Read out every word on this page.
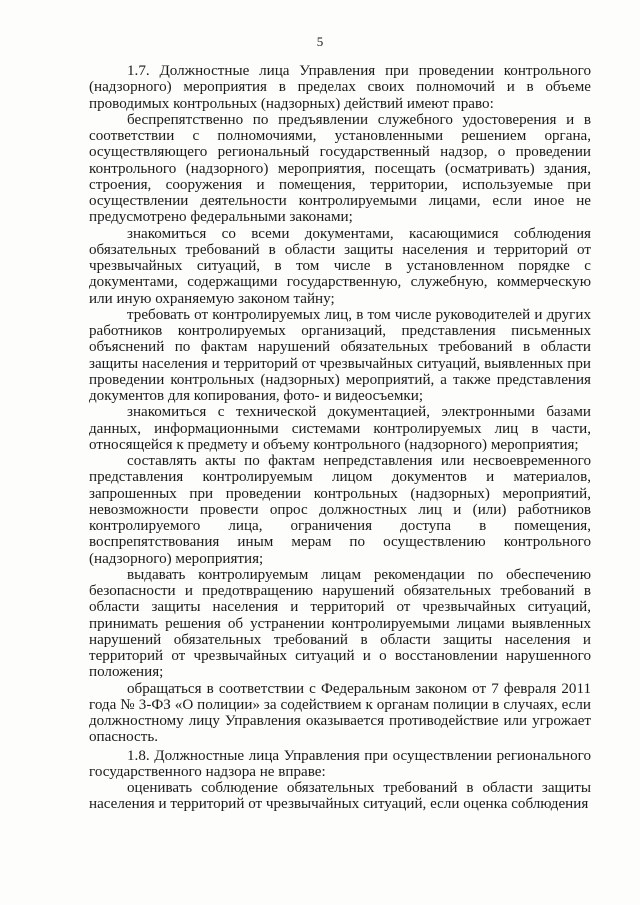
5

1.7. Должностные лица Управления при проведении контрольного (надзорного) мероприятия в пределах своих полномочий и в объеме проводимых контрольных (надзорных) действий имеют право:

беспрепятственно по предъявлении служебного удостоверения и в соответствии с полномочиями, установленными решением органа, осуществляющего региональный государственный надзор, о проведении контрольного (надзорного) мероприятия, посещать (осматривать) здания, строения, сооружения и помещения, территории, используемые при осуществлении деятельности контролируемыми лицами, если иное не предусмотрено федеральными законами;

знакомиться со всеми документами, касающимися соблюдения обязательных требований в области защиты населения и территорий от чрезвычайных ситуаций, в том числе в установленном порядке с документами, содержащими государственную, служебную, коммерческую или иную охраняемую законом тайну;

требовать от контролируемых лиц, в том числе руководителей и других работников контролируемых организаций, представления письменных объяснений по фактам нарушений обязательных требований в области защиты населения и территорий от чрезвычайных ситуаций, выявленных при проведении контрольных (надзорных) мероприятий, а также представления документов для копирования, фото- и видеосъемки;

знакомиться с технической документацией, электронными базами данных, информационными системами контролируемых лиц в части, относящейся к предмету и объему контрольного (надзорного) мероприятия;

составлять акты по фактам непредставления или несвоевременного представления контролируемым лицом документов и материалов, запрошенных при проведении контрольных (надзорных) мероприятий, невозможности провести опрос должностных лиц и (или) работников контролируемого лица, ограничения доступа в помещения, воспрепятствования иным мерам по осуществлению контрольного (надзорного) мероприятия;

выдавать контролируемым лицам рекомендации по обеспечению безопасности и предотвращению нарушений обязательных требований в области защиты населения и территорий от чрезвычайных ситуаций, принимать решения об устранении контролируемыми лицами выявленных нарушений обязательных требований в области защиты населения и территорий от чрезвычайных ситуаций и о восстановлении нарушенного положения;

обращаться в соответствии с Федеральным законом от 7 февраля 2011 года № 3-ФЗ «О полиции» за содействием к органам полиции в случаях, если должностному лицу Управления оказывается противодействие или угрожает опасность.

1.8. Должностные лица Управления при осуществлении регионального государственного надзора не вправе:

оценивать соблюдение обязательных требований в области защиты населения и территорий от чрезвычайных ситуаций, если оценка соблюдения
